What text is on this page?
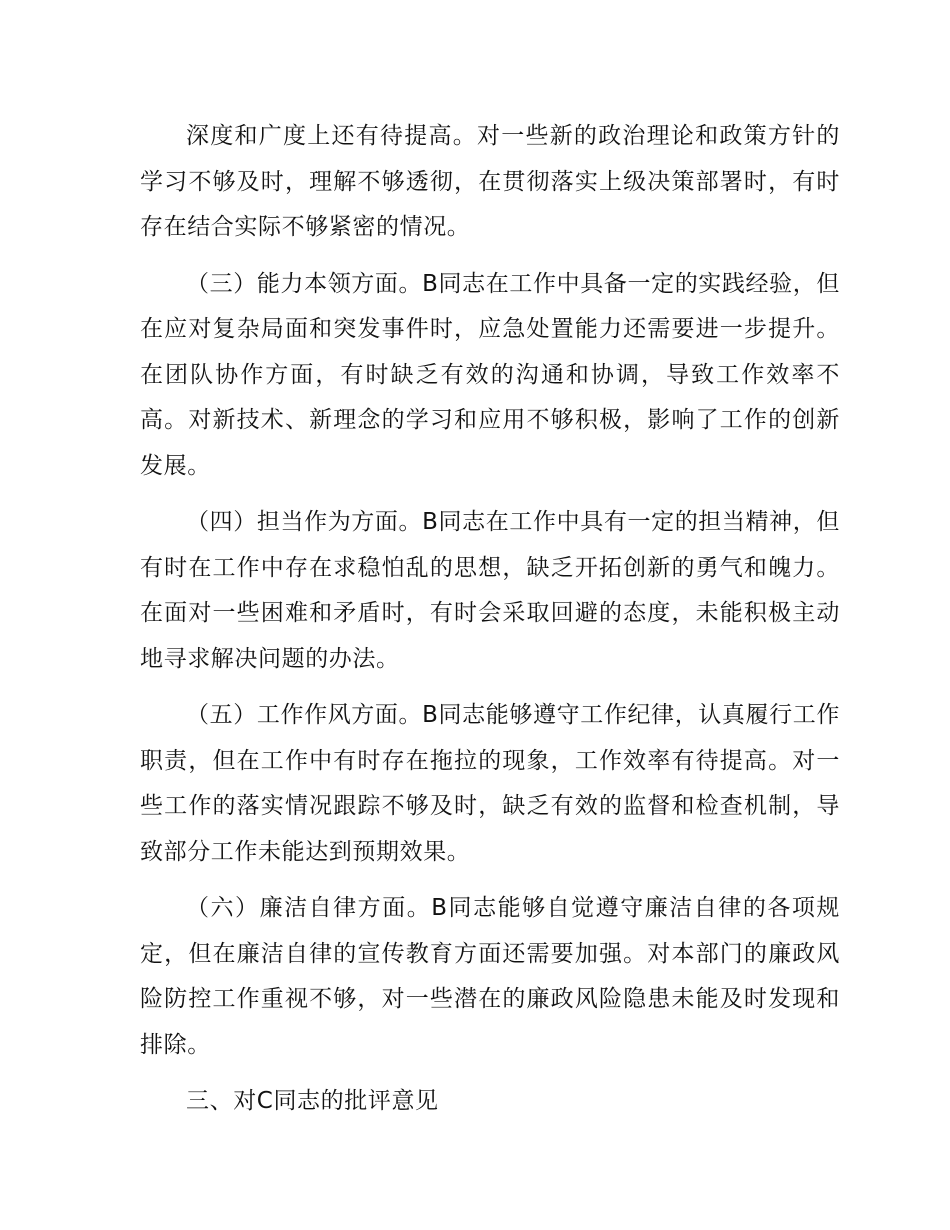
深度和广度上还有待提高。对一些新的政治理论和政策方针的学习不够及时，理解不够透彻，在贯彻落实上级决策部署时，有时存在结合实际不够紧密的情况。

（三）能力本领方面。B同志在工作中具备一定的实践经验，但在应对复杂局面和突发事件时，应急处置能力还需要进一步提升。在团队协作方面，有时缺乏有效的沟通和协调，导致工作效率不高。对新技术、新理念的学习和应用不够积极，影响了工作的创新发展。

（四）担当作为方面。B同志在工作中具有一定的担当精神，但有时在工作中存在求稳怕乱的思想，缺乏开拓创新的勇气和魄力。在面对一些困难和矛盾时，有时会采取回避的态度，未能积极主动地寻求解决问题的办法。

（五）工作作风方面。B同志能够遵守工作纪律，认真履行工作职责，但在工作中有时存在拖拉的现象，工作效率有待提高。对一些工作的落实情况跟踪不够及时，缺乏有效的监督和检查机制，导致部分工作未能达到预期效果。

（六）廉洁自律方面。B同志能够自觉遵守廉洁自律的各项规定，但在廉洁自律的宣传教育方面还需要加强。对本部门的廉政风险防控工作重视不够，对一些潜在的廉政风险隐患未能及时发现和排除。

三、对C同志的批评意见
